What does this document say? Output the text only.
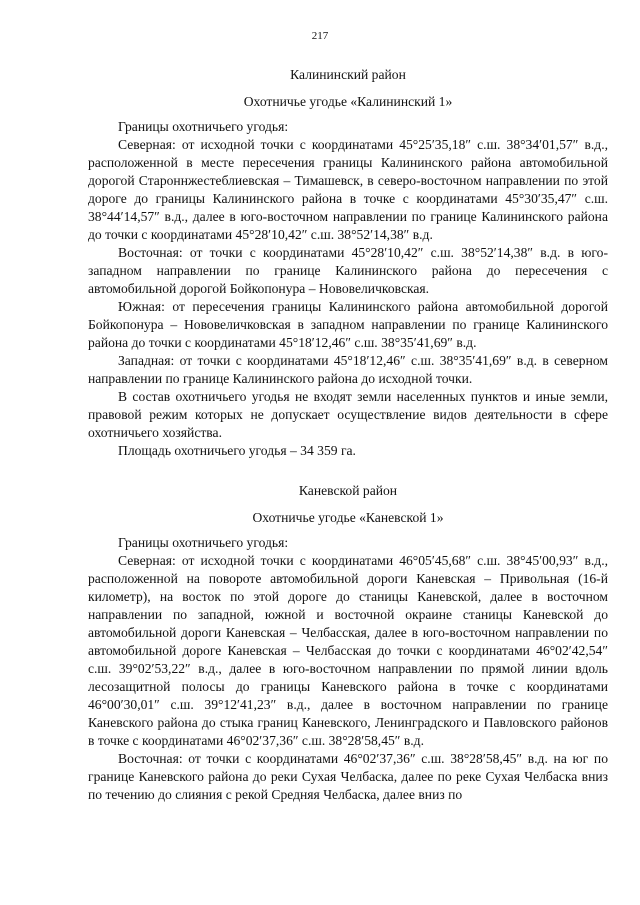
217

Калининский район

Охотничье угодье «Калининский 1»

Границы охотничьего угодья:

Северная: от исходной точки с координатами 45°25′35,18″ с.ш. 38°34′01,57″ в.д., расположенной в месте пересечения границы Калининского района автомобильной дорогой Староннжестеблиевская – Тимашевск, в северо-восточном направлении по этой дороге до границы Калининского района в точке с координатами 45°30′35,47″ с.ш. 38°44′14,57″ в.д., далее в юго-восточном направлении по границе Калининского района до точки с координатами 45°28′10,42″ с.ш. 38°52′14,38″ в.д.

Восточная: от точки с координатами 45°28′10,42″ с.ш. 38°52′14,38″ в.д. в юго-западном направлении по границе Калининского района до пересечения с автомобильной дорогой Бойкопонура – Нововеличковская.

Южная: от пересечения границы Калининского района автомобильной дорогой Бойкопонура – Нововеличковская в западном направлении по границе Калининского района до точки с координатами 45°18′12,46″ с.ш. 38°35′41,69″ в.д.

Западная: от точки с координатами 45°18′12,46″ с.ш. 38°35′41,69″ в.д. в северном направлении по границе Калининского района до исходной точки.

В состав охотничьего угодья не входят земли населенных пунктов и иные земли, правовой режим которых не допускает осуществление видов деятельности в сфере охотничьего хозяйства.

Площадь охотничьего угодья – 34 359 га.

Каневской район

Охотничье угодье «Каневской 1»

Границы охотничьего угодья:

Северная: от исходной точки с координатами 46°05′45,68″ с.ш. 38°45′00,93″ в.д., расположенной на повороте автомобильной дороги Каневская – Привольная (16-й километр), на восток по этой дороге до станицы Каневской, далее в восточном направлении по западной, южной и восточной окраине станицы Каневской до автомобильной дороги Каневская – Челбасская, далее в юго-восточном направлении по автомобильной дороге Каневская – Челбасская до точки с координатами 46°02′42,54″ с.ш. 39°02′53,22″ в.д., далее в юго-восточном направлении по прямой линии вдоль лесозащитной полосы до границы Каневского района в точке с координатами 46°00′30,01″ с.ш. 39°12′41,23″ в.д., далее в восточном направлении по границе Каневского района до стыка границ Каневского, Ленинградского и Павловского районов в точке с координатами 46°02′37,36″ с.ш. 38°28′58,45″ в.д.

Восточная: от точки с координатами 46°02′37,36″ с.ш. 38°28′58,45″ в.д. на юг по границе Каневского района до реки Сухая Челбаска, далее по реке Сухая Челбаска вниз по течению до слияния с рекой Средняя Челбаска, далее вниз по
